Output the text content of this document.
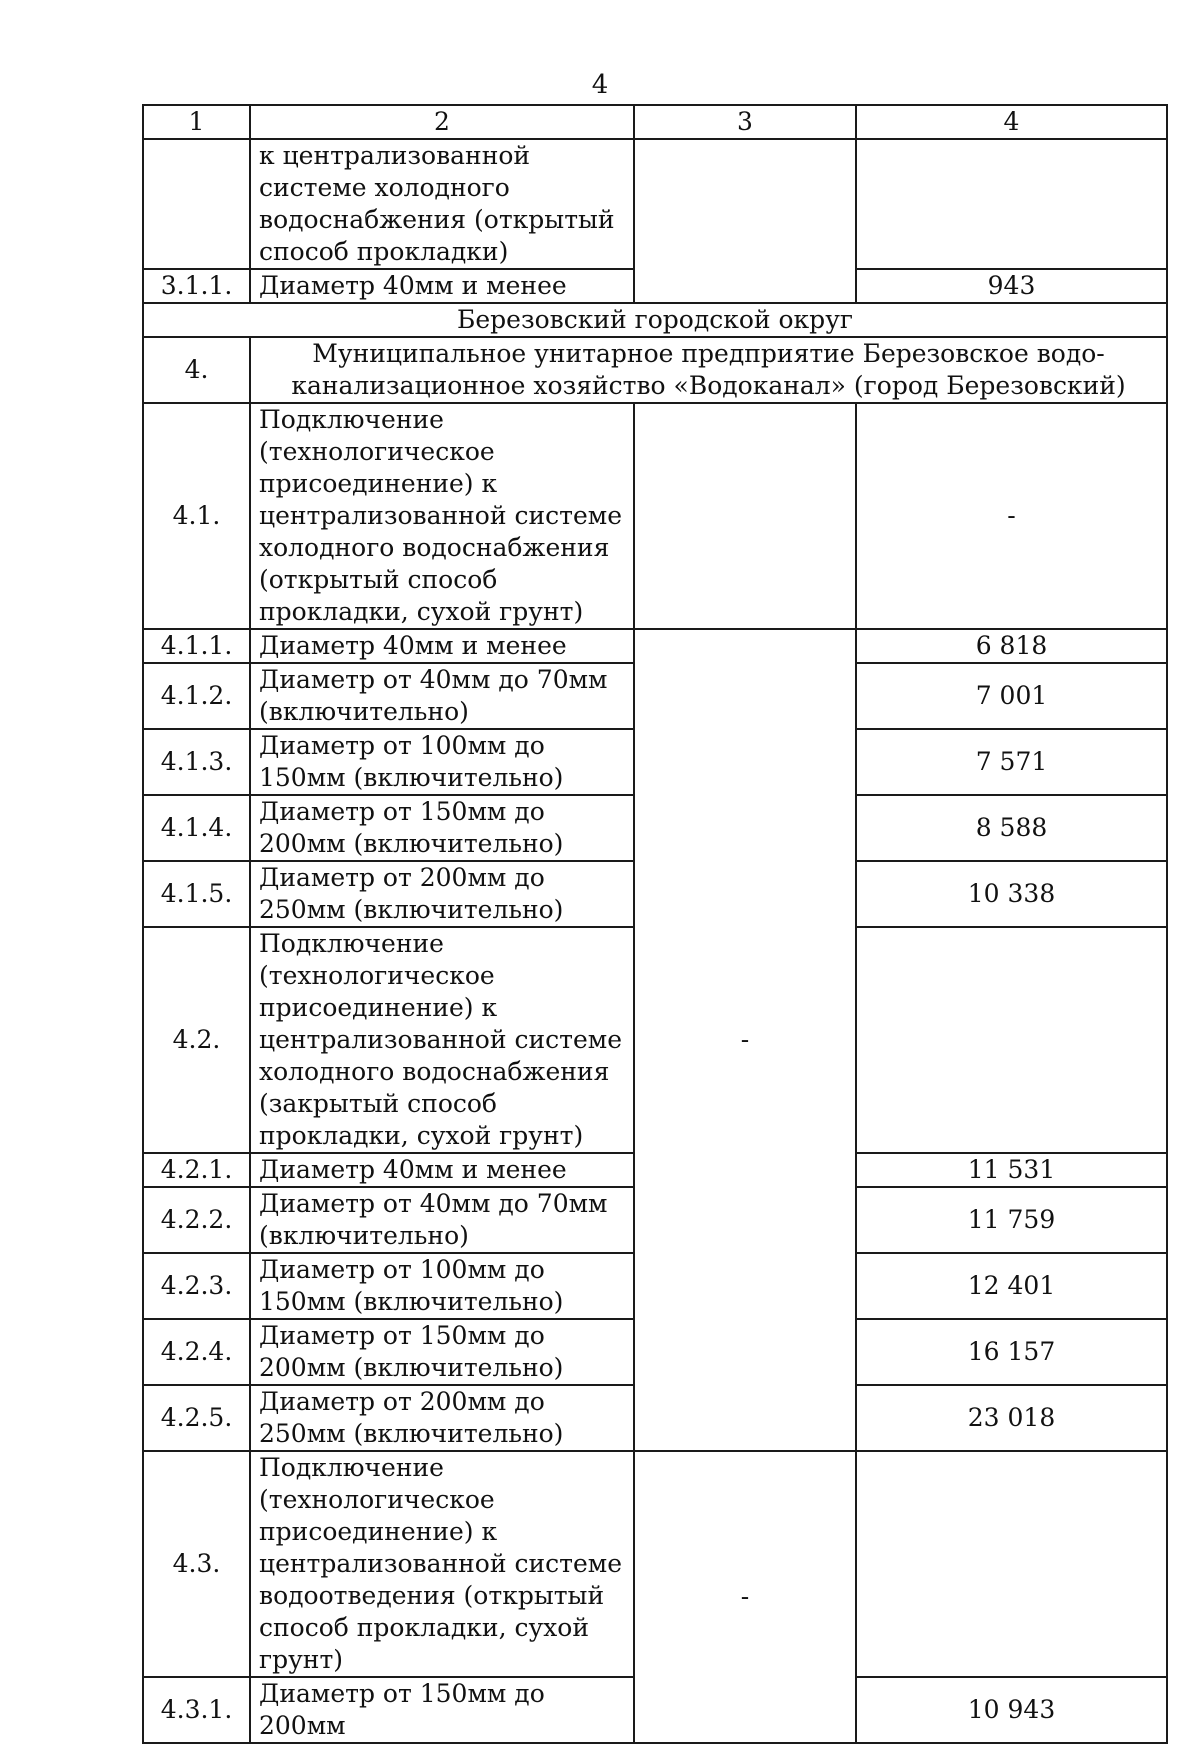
4
1	2	3	4
	к централизованной системе холодного водоснабжения (открытый способ прокладки)		
3.1.1.	Диаметр 40мм и менее		943
Березовский городской округ			
4.	Муниципальное унитарное предприятие Березовское водо-канализационное хозяйство «Водоканал» (город Березовский)		
4.1.	Подключение (технологическое присоединение) к централизованной системе холодного водоснабжения (открытый способ прокладки, сухой грунт)		-
4.1.1.	Диаметр 40мм и менее	-	6 818
4.1.2.	Диаметр от 40мм до 70мм (включительно)		7 001
4.1.3.	Диаметр от 100мм до 150мм (включительно)		7 571
4.1.4.	Диаметр от 150мм до 200мм (включительно)		8 588
4.1.5.	Диаметр от 200мм до 250мм (включительно)		10 338
4.2.	Подключение (технологическое присоединение) к централизованной системе холодного водоснабжения (закрытый способ прокладки, сухой грунт)		
4.2.1.	Диаметр 40мм и менее		11 531
4.2.2.	Диаметр от 40мм до 70мм (включительно)		11 759
4.2.3.	Диаметр от 100мм до 150мм (включительно)		12 401
4.2.4.	Диаметр от 150мм до 200мм (включительно)		16 157
4.2.5.	Диаметр от 200мм до 250мм (включительно)		23 018
4.3.	Подключение (технологическое присоединение) к централизованной системе водоотведения (открытый способ прокладки, сухой грунт)	-	
4.3.1.	Диаметр от 150мм до 200мм		10 943
